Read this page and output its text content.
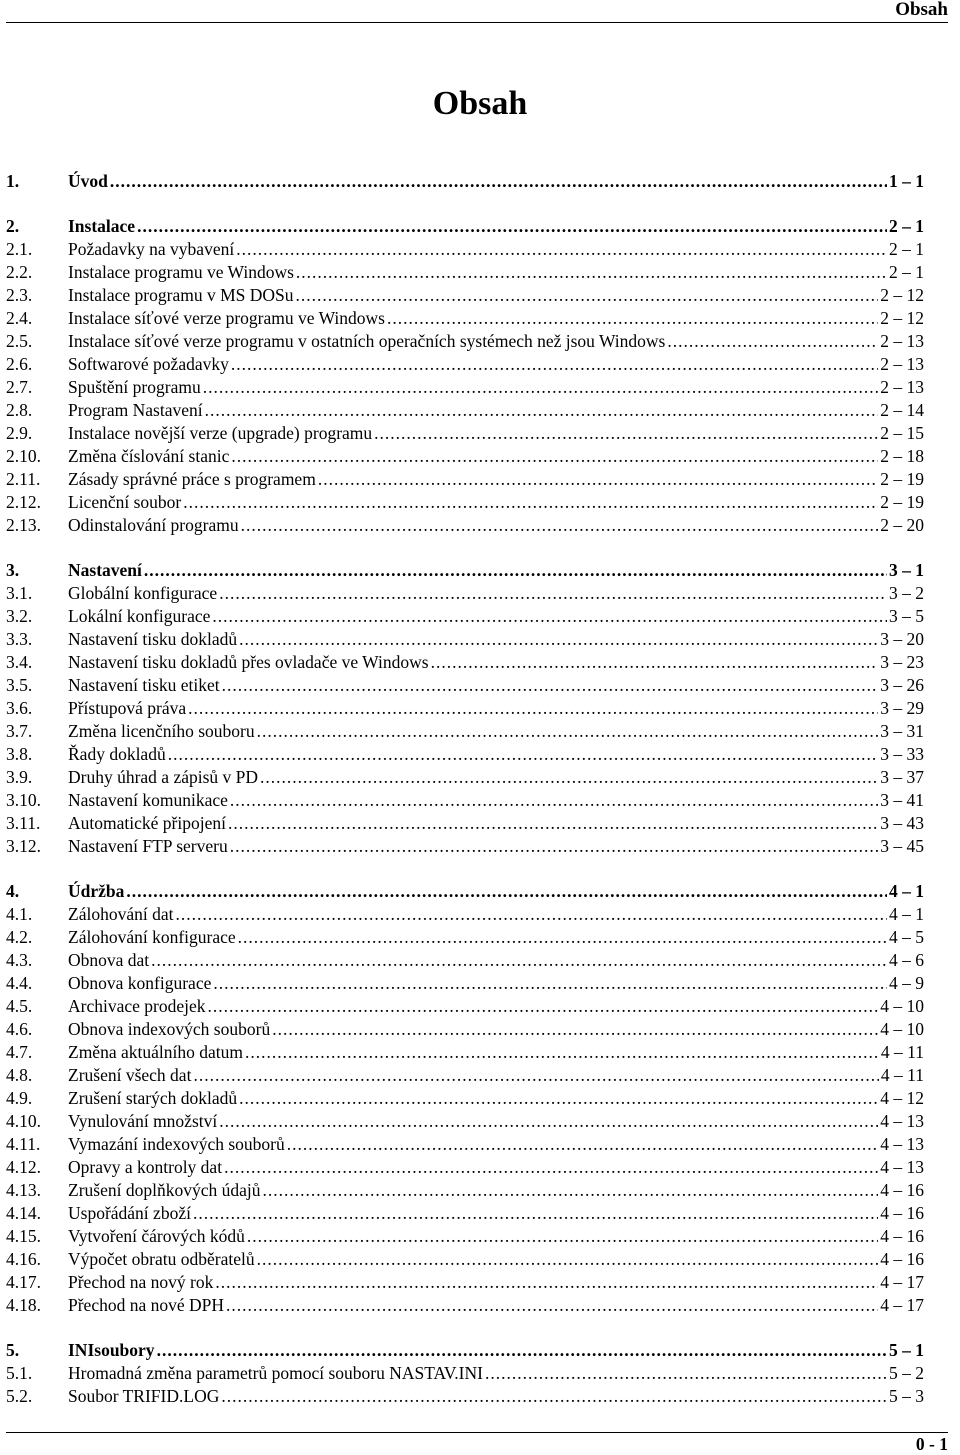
Obsah
Obsah
1.	Úvod .....	1 – 1
2.	Instalace .....	2 – 1
2.1.	Požadavky na vybavení .....	2 – 1
2.2.	Instalace programu ve Windows .....	2 – 1
2.3.	Instalace programu v MS DOSu .....	2 – 12
2.4.	Instalace síťové verze programu ve Windows .....	2 – 12
2.5.	Instalace síťové verze programu v ostatních operačních systémech než jsou Windows .....	2 – 13
2.6.	Softwarové požadavky .....	2 – 13
2.7.	Spuštění programu .....	2 – 13
2.8.	Program Nastavení .....	2 – 14
2.9.	Instalace novější verze (upgrade) programu .....	2 – 15
2.10.	Změna číslování stanic .....	2 – 18
2.11.	Zásady správné práce s programem .....	2 – 19
2.12.	Licenční soubor .....	2 – 19
2.13.	Odinstalování programu .....	2 – 20
3.	Nastavení .....	3 – 1
3.1.	Globální konfigurace .....	3 – 2
3.2.	Lokální konfigurace .....	3 – 5
3.3.	Nastavení tisku dokladů .....	3 – 20
3.4.	Nastavení tisku dokladů přes ovladače ve Windows .....	3 – 23
3.5.	Nastavení tisku etiket .....	3 – 26
3.6.	Přístupová práva .....	3 – 29
3.7.	Změna licenčního souboru .....	3 – 31
3.8.	Řady dokladů .....	3 – 33
3.9.	Druhy úhrad a zápisů v PD .....	3 – 37
3.10.	Nastavení komunikace .....	3 – 41
3.11.	Automatické připojení .....	3 – 43
3.12.	Nastavení FTP serveru .....	3 – 45
4.	Údržba .....	4 – 1
4.1.	Zálohování dat .....	4 – 1
4.2.	Zálohování konfigurace .....	4 – 5
4.3.	Obnova dat .....	4 – 6
4.4.	Obnova konfigurace .....	4 – 9
4.5.	Archivace prodejek .....	4 – 10
4.6.	Obnova indexových souborů .....	4 – 10
4.7.	Změna aktuálního datum .....	4 – 11
4.8.	Zrušení všech dat .....	4 – 11
4.9.	Zrušení starých dokladů .....	4 – 12
4.10.	Vynulování množství .....	4 – 13
4.11.	Vymazání indexových souborů .....	4 – 13
4.12.	Opravy a kontroly dat .....	4 – 13
4.13.	Zrušení doplňkových údajů .....	4 – 16
4.14.	Uspořádání zboží .....	4 – 16
4.15.	Vytvoření čárových kódů .....	4 – 16
4.16.	Výpočet obratu odběratelů .....	4 – 16
4.17.	Přechod na nový rok .....	4 – 17
4.18.	Přechod na nové DPH .....	4 – 17
5.	INIsoubory .....	5 – 1
5.1.	Hromadná změna parametrů pomocí souboru NASTAV.INI .....	5 – 2
5.2.	Soubor TRIFID.LOG .....	5 – 3
0 - 1
